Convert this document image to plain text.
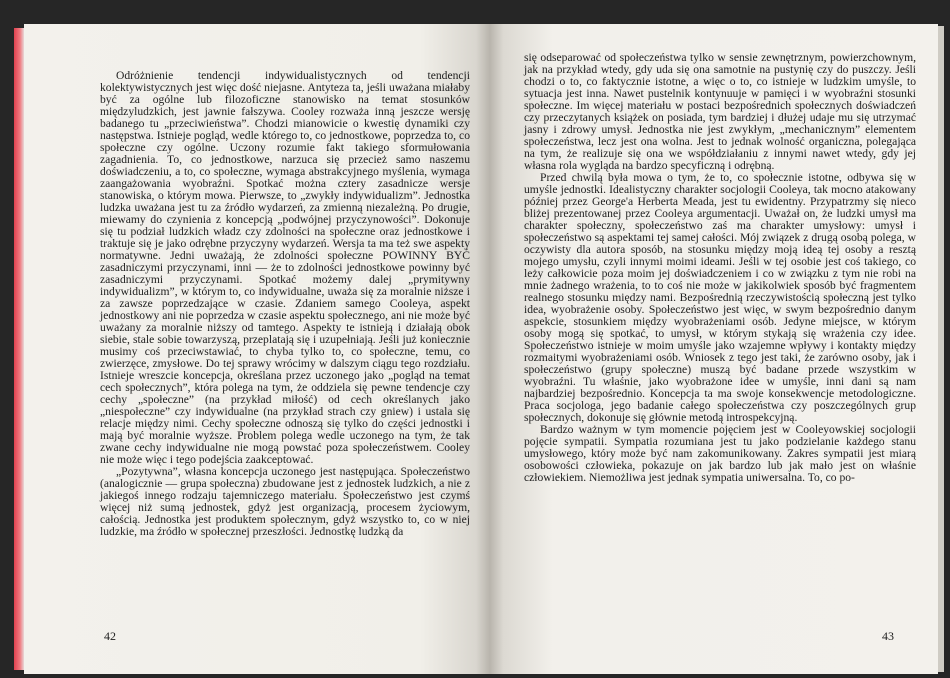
Odróżnienie tendencji indywidualistycznych od tendencji kolektywistycznych jest więc dość niejasne. Antyteza ta, jeśli uważana miałaby być za ogólne lub filozoficzne stanowisko na temat stosunków międzyludzkich, jest jawnie fałszywa. Cooley rozważa inną jeszcze wersję badanego tu „przeciwieństwa”. Chodzi mianowicie o kwestię dynamiki czy następstwa. Istnieje pogląd, wedle którego to, co jednostkowe, poprzedza to, co społeczne czy ogólne. Uczony rozumie fakt takiego sformułowania zagadnienia. To, co jednostkowe, narzuca się przecież samo naszemu doświadczeniu, a to, co społeczne, wymaga abstrakcyjnego myślenia, wymaga zaangażowania wyobraźni. Spotkać można cztery zasadnicze wersje stanowiska, o którym mowa. Pierwsze, to „zwykły indywidualizm”. Jednostka ludzka uważana jest tu za źródło wydarzeń, za zmienną niezależną. Po drugie, miewamy do czynienia z koncepcją „podwójnej przyczynowości”. Dokonuje się tu podział ludzkich władz czy zdolności na społeczne oraz jednostkowe i traktuje się je jako odrębne przyczyny wydarzeń. Wersja ta ma też swe aspekty normatywne. Jedni uważają, że zdolności społeczne POWINNY BYĆ zasadniczymi przyczynami, inni — że to zdolności jednostkowe powinny być zasadniczymi przyczynami. Spotkać możemy dalej „prymitywny indywidualizm”, w którym to, co indywidualne, uważa się za moralnie niższe i za zawsze poprzedzające w czasie. Zdaniem samego Cooleya, aspekt jednostkowy ani nie poprzedza w czasie aspektu społecznego, ani nie może być uważany za moralnie niższy od tamtego. Aspekty te istnieją i działają obok siebie, stale sobie towarzyszą, przeplatają się i uzupełniają. Jeśli już koniecznie musimy coś przeciwstawiać, to chyba tylko to, co społeczne, temu, co zwierzęce, zmysłowe. Do tej sprawy wrócimy w dalszym ciągu tego rozdziału. Istnieje wreszcie koncepcja, określana przez uczonego jako „pogląd na temat cech społecznych”, która polega na tym, że oddziela się pewne tendencje czy cechy „społeczne” (na przykład miłość) od cech określanych jako „niespołeczne” czy indywidualne (na przykład strach czy gniew) i ustala się relacje między nimi. Cechy społeczne odnoszą się tylko do części jednostki i mają być moralnie wyższe. Problem polega wedle uczonego na tym, że tak zwane cechy indywidualne nie mogą powstać poza społeczeństwem. Cooley nie może więc i tego podejścia zaakceptować.

„Pozytywna”, własna koncepcja uczonego jest następująca. Społeczeństwo (analogicznie — grupa społeczna) zbudowane jest z jednostek ludzkich, a nie z jakiegoś innego rodzaju tajemniczego materiału. Społeczeństwo jest czymś więcej niż sumą jednostek, gdyż jest organizacją, procesem życiowym, całością. Jednostka jest produktem społecznym, gdyż wszystko to, co w niej ludzkie, ma źródło w społecznej przeszłości. Jednostkę ludzką da

42

się odseparować od społeczeństwa tylko w sensie zewnętrznym, powierzchownym, jak na przykład wtedy, gdy uda się ona samotnie na pustynię czy do puszczy. Jeśli chodzi o to, co faktycznie istotne, a więc o to, co istnieje w ludzkim umyśle, to sytuacja jest inna. Nawet pustelnik kontynuuje w pamięci i w wyobraźni stosunki społeczne. Im więcej materiału w postaci bezpośrednich społecznych doświadczeń czy przeczytanych książek on posiada, tym bardziej i dłużej udaje mu się utrzymać jasny i zdrowy umysł. Jednostka nie jest zwykłym, „mechanicznym” elementem społeczeństwa, lecz jest ona wolna. Jest to jednak wolność organiczna, polegająca na tym, że realizuje się ona we współdziałaniu z innymi nawet wtedy, gdy jej własna rola wygląda na bardzo specyficzną i odrębną.

Przed chwilą była mowa o tym, że to, co społecznie istotne, odbywa się w umyśle jednostki. Idealistyczny charakter socjologii Cooleya, tak mocno atakowany później przez George'a Herberta Meada, jest tu ewidentny. Przypatrzmy się nieco bliżej prezentowanej przez Cooleya argumentacji. Uważał on, że ludzki umysł ma charakter społeczny, społeczeństwo zaś ma charakter umysłowy: umysł i społeczeństwo są aspektami tej samej całości. Mój związek z drugą osobą polega, w oczywisty dla autora sposób, na stosunku między moją ideą tej osoby a resztą mojego umysłu, czyli innymi moimi ideami. Jeśli w tej osobie jest coś takiego, co leży całkowicie poza moim jej doświadczeniem i co w związku z tym nie robi na mnie żadnego wrażenia, to to coś nie może w jakikolwiek sposób być fragmentem realnego stosunku między nami. Bezpośrednią rzeczywistością społeczną jest tylko idea, wyobrażenie osoby. Społeczeństwo jest więc, w swym bezpośrednio danym aspekcie, stosunkiem między wyobrażeniami osób. Jedyne miejsce, w którym osoby mogą się spotkać, to umysł, w którym stykają się wrażenia czy idee. Społeczeństwo istnieje w moim umyśle jako wzajemne wpływy i kontakty między rozmaitymi wyobrażeniami osób. Wniosek z tego jest taki, że zarówno osoby, jak i społeczeństwo (grupy społeczne) muszą być badane przede wszystkim w wyobraźni. Tu właśnie, jako wyobrażone idee w umyśle, inni dani są nam najbardziej bezpośrednio. Koncepcja ta ma swoje konsekwencje metodologiczne. Praca socjologa, jego badanie całego społeczeństwa czy poszczególnych grup społecznych, dokonuje się głównie metodą introspekcyjną.

Bardzo ważnym w tym momencie pojęciem jest w Cooleyowskiej socjologii pojęcie sympatii. Sympatia rozumiana jest tu jako podzielanie każdego stanu umysłowego, który może być nam zakomunikowany. Zakres sympatii jest miarą osobowości człowieka, pokazuje on jak bardzo lub jak mało jest on właśnie człowiekiem. Niemożliwa jest jednak sympatia uniwersalna. To, co po-

43
